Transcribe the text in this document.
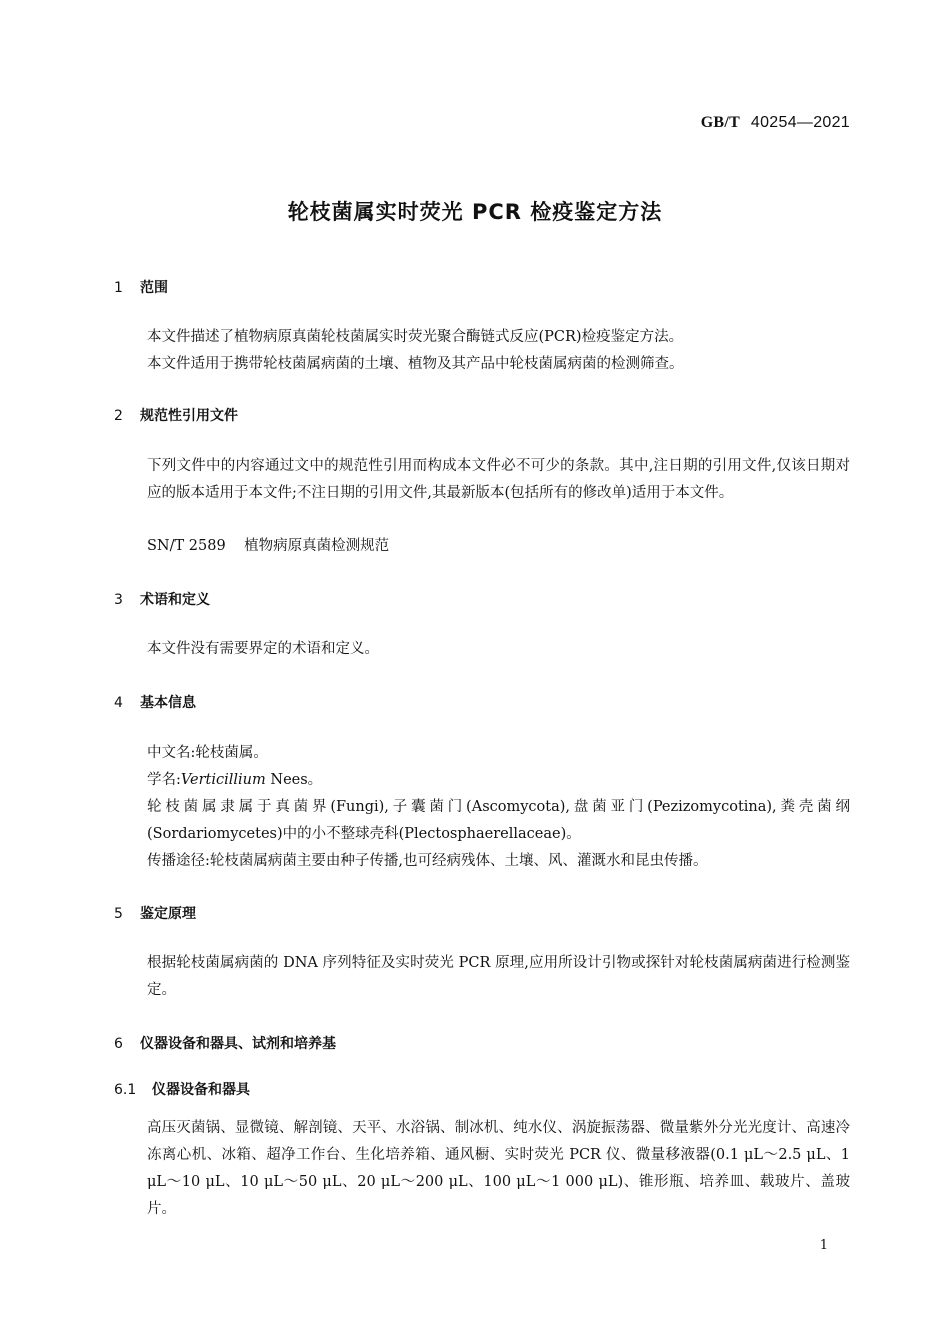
GB/T 40254—2021
轮枝菌属实时荧光 PCR 检疫鉴定方法
1 范围
本文件描述了植物病原真菌轮枝菌属实时荧光聚合酶链式反应(PCR)检疫鉴定方法。
本文件适用于携带轮枝菌属病菌的土壤、植物及其产品中轮枝菌属病菌的检测筛查。
2 规范性引用文件
下列文件中的内容通过文中的规范性引用而构成本文件必不可少的条款。其中,注日期的引用文件,仅该日期对应的版本适用于本文件;不注日期的引用文件,其最新版本(包括所有的修改单)适用于本文件。
SN/T 2589 植物病原真菌检测规范
3 术语和定义
本文件没有需要界定的术语和定义。
4 基本信息
中文名:轮枝菌属。
学名:Verticillium Nees。
轮枝菌属隶属于真菌界(Fungi),子囊菌门(Ascomycota),盘菌亚门(Pezizomycotina),粪壳菌纲(Sordariomycetes)中的小不整球壳科(Plectosphaerellaceae)。
传播途径:轮枝菌属病菌主要由种子传播,也可经病残体、土壤、风、灌溉水和昆虫传播。
5 鉴定原理
根据轮枝菌属病菌的 DNA 序列特征及实时荧光 PCR 原理,应用所设计引物或探针对轮枝菌属病菌进行检测鉴定。
6 仪器设备和器具、试剂和培养基
6.1 仪器设备和器具
高压灭菌锅、显微镜、解剖镜、天平、水浴锅、制冰机、纯水仪、涡旋振荡器、微量紫外分光光度计、高速冷冻离心机、冰箱、超净工作台、生化培养箱、通风橱、实时荧光 PCR 仪、微量移液器(0.1 μL～2.5 μL、1 μL～10 μL、10 μL～50 μL、20 μL～200 μL、100 μL～1 000 μL)、锥形瓶、培养皿、载玻片、盖玻片。
1
